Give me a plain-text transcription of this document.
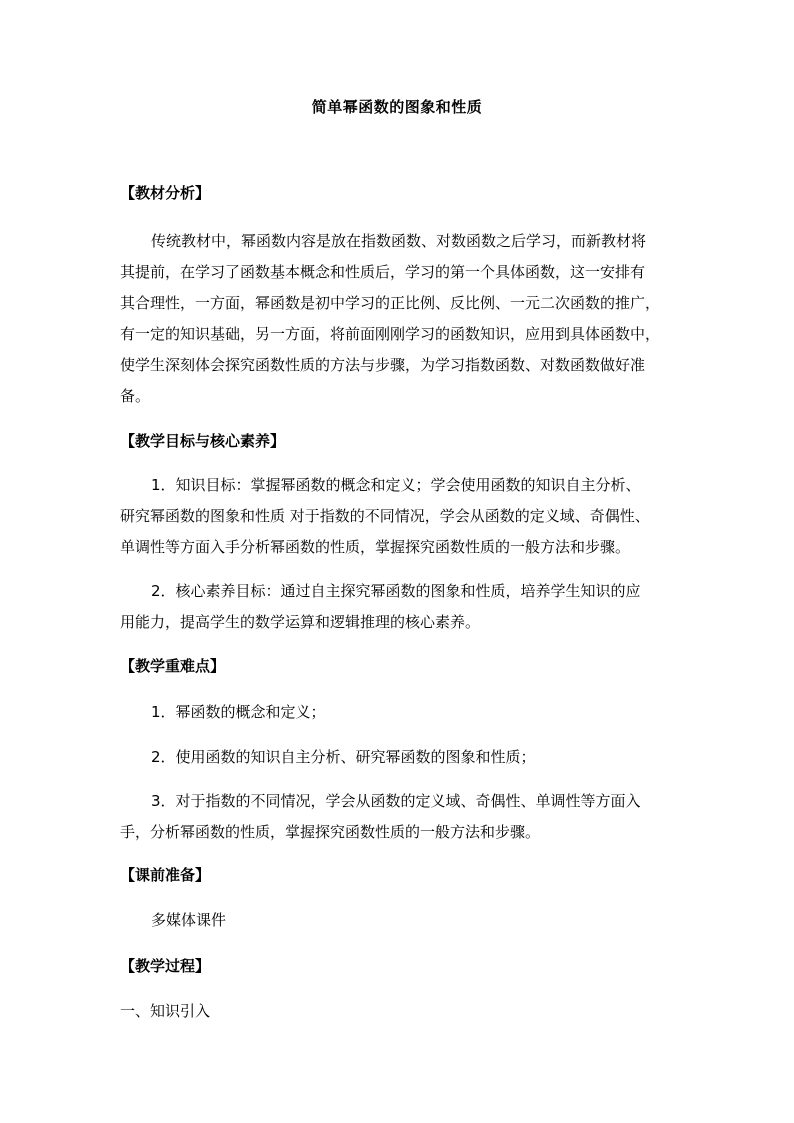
简单幂函数的图象和性质
【教材分析】
传统教材中，幂函数内容是放在指数函数、对数函数之后学习，而新教材将
其提前，在学习了函数基本概念和性质后，学习的第一个具体函数，这一安排有
其合理性，一方面，幂函数是初中学习的正比例、反比例、一元二次函数的推广，
有一定的知识基础，另一方面，将前面刚刚学习的函数知识，应用到具体函数中，
使学生深刻体会探究函数性质的方法与步骤，为学习指数函数、对数函数做好准
备。
【教学目标与核心素养】
1．知识目标：掌握幂函数的概念和定义；学会使用函数的知识自主分析、
研究幂函数的图象和性质 对于指数的不同情况，学会从函数的定义域、奇偶性、
单调性等方面入手分析幂函数的性质，掌握探究函数性质的一般方法和步骤。
2．核心素养目标：通过自主探究幂函数的图象和性质，培养学生知识的应
用能力，提高学生的数学运算和逻辑推理的核心素养。
【教学重难点】
1．幂函数的概念和定义；
2．使用函数的知识自主分析、研究幂函数的图象和性质；
3．对于指数的不同情况，学会从函数的定义域、奇偶性、单调性等方面入
手，分析幂函数的性质，掌握探究函数性质的一般方法和步骤。
【课前准备】
多媒体课件
【教学过程】
一、知识引入
